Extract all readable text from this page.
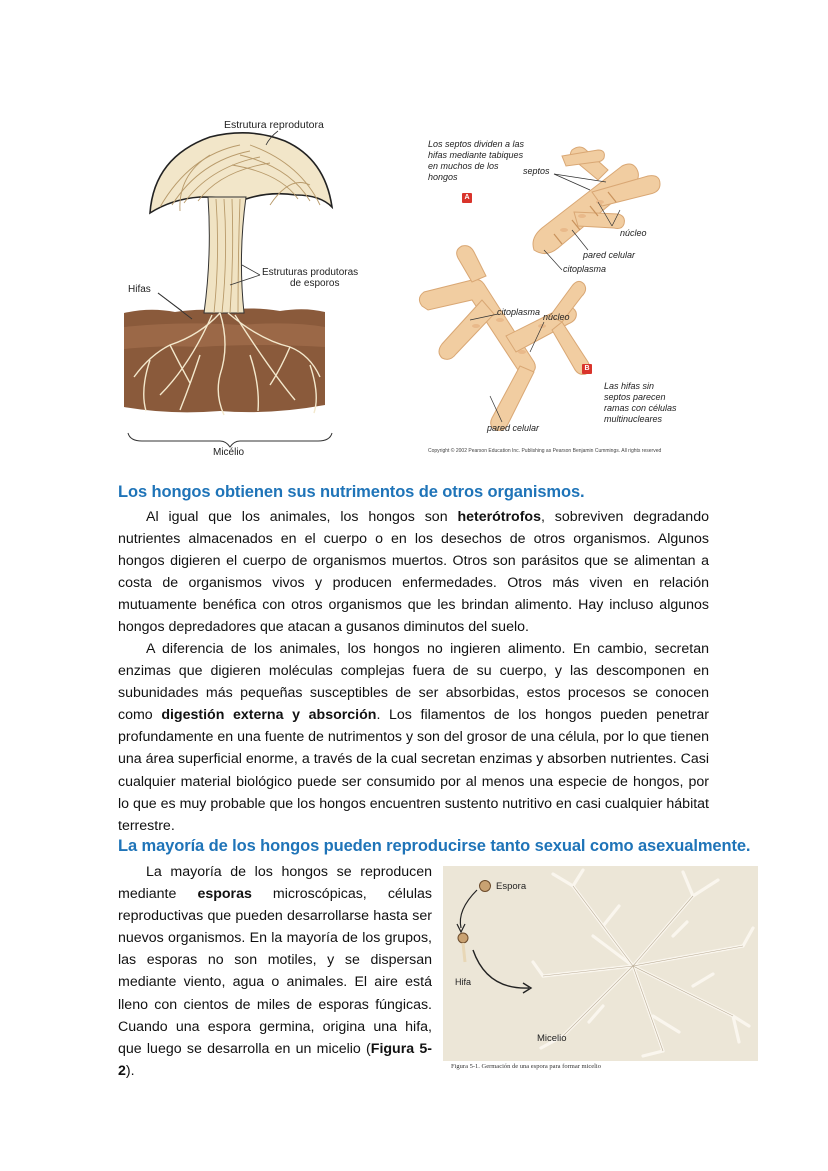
Estrutura reprodutora
Hifas
Estruturas produtoras
de esporos
Micélio
Los septos dividen a las
hifas mediante tabiques
en muchos de los
hongos
A
septos
núcleo
pared celular
citoplasma
citoplasma núcleo
B
Las hifas sin
septos parecen
ramas con células
multinucleares
pared celular
Copyright © 2002 Pearson Education Inc. Publishing as Pearson Benjamin Cummings. All rights reserved
Los hongos obtienen sus nutrimentos de otros organismos.

Al igual que los animales, los hongos son heterótrofos, sobreviven degradando nutrientes almacenados en el cuerpo o en los desechos de otros organismos. Algunos hongos digieren el cuerpo de organismos muertos. Otros son parásitos que se alimentan a costa de organismos vivos y producen enfermedades. Otros más viven en relación mutuamente benéfica con otros organismos que les brindan alimento. Hay incluso algunos hongos depredadores que atacan a gusanos diminutos del suelo.

A diferencia de los animales, los hongos no ingieren alimento. En cambio, secretan enzimas que digieren moléculas complejas fuera de su cuerpo, y las descomponen en subunidades más pequeñas susceptibles de ser absorbidas, estos procesos se conocen como digestión externa y absorción. Los filamentos de los hongos pueden penetrar profundamente en una fuente de nutrimentos y son del grosor de una célula, por lo que tienen una área superficial enorme, a través de la cual secretan enzimas y absorben nutrientes. Casi cualquier material biológico puede ser consumido por al menos una especie de hongos, por lo que es muy probable que los hongos encuentren sustento nutritivo en casi cualquier hábitat terrestre.

La mayoría de los hongos pueden reproducirse tanto sexual como asexualmente.

La mayoría de los hongos se reproducen mediante esporas microscópicas, células reproductivas que pueden desarrollarse hasta ser nuevos organismos. En la mayoría de los grupos, las esporas no son motiles, y se dispersan mediante viento, agua o animales. El aire está lleno con cientos de miles de esporas fúngicas. Cuando una espora germina, origina una hifa, que luego se desarrolla en un micelio (Figura 5-2).

Espora
Hifa
Micelio
Figura 5-1. Germación de una espora para formar micelio
